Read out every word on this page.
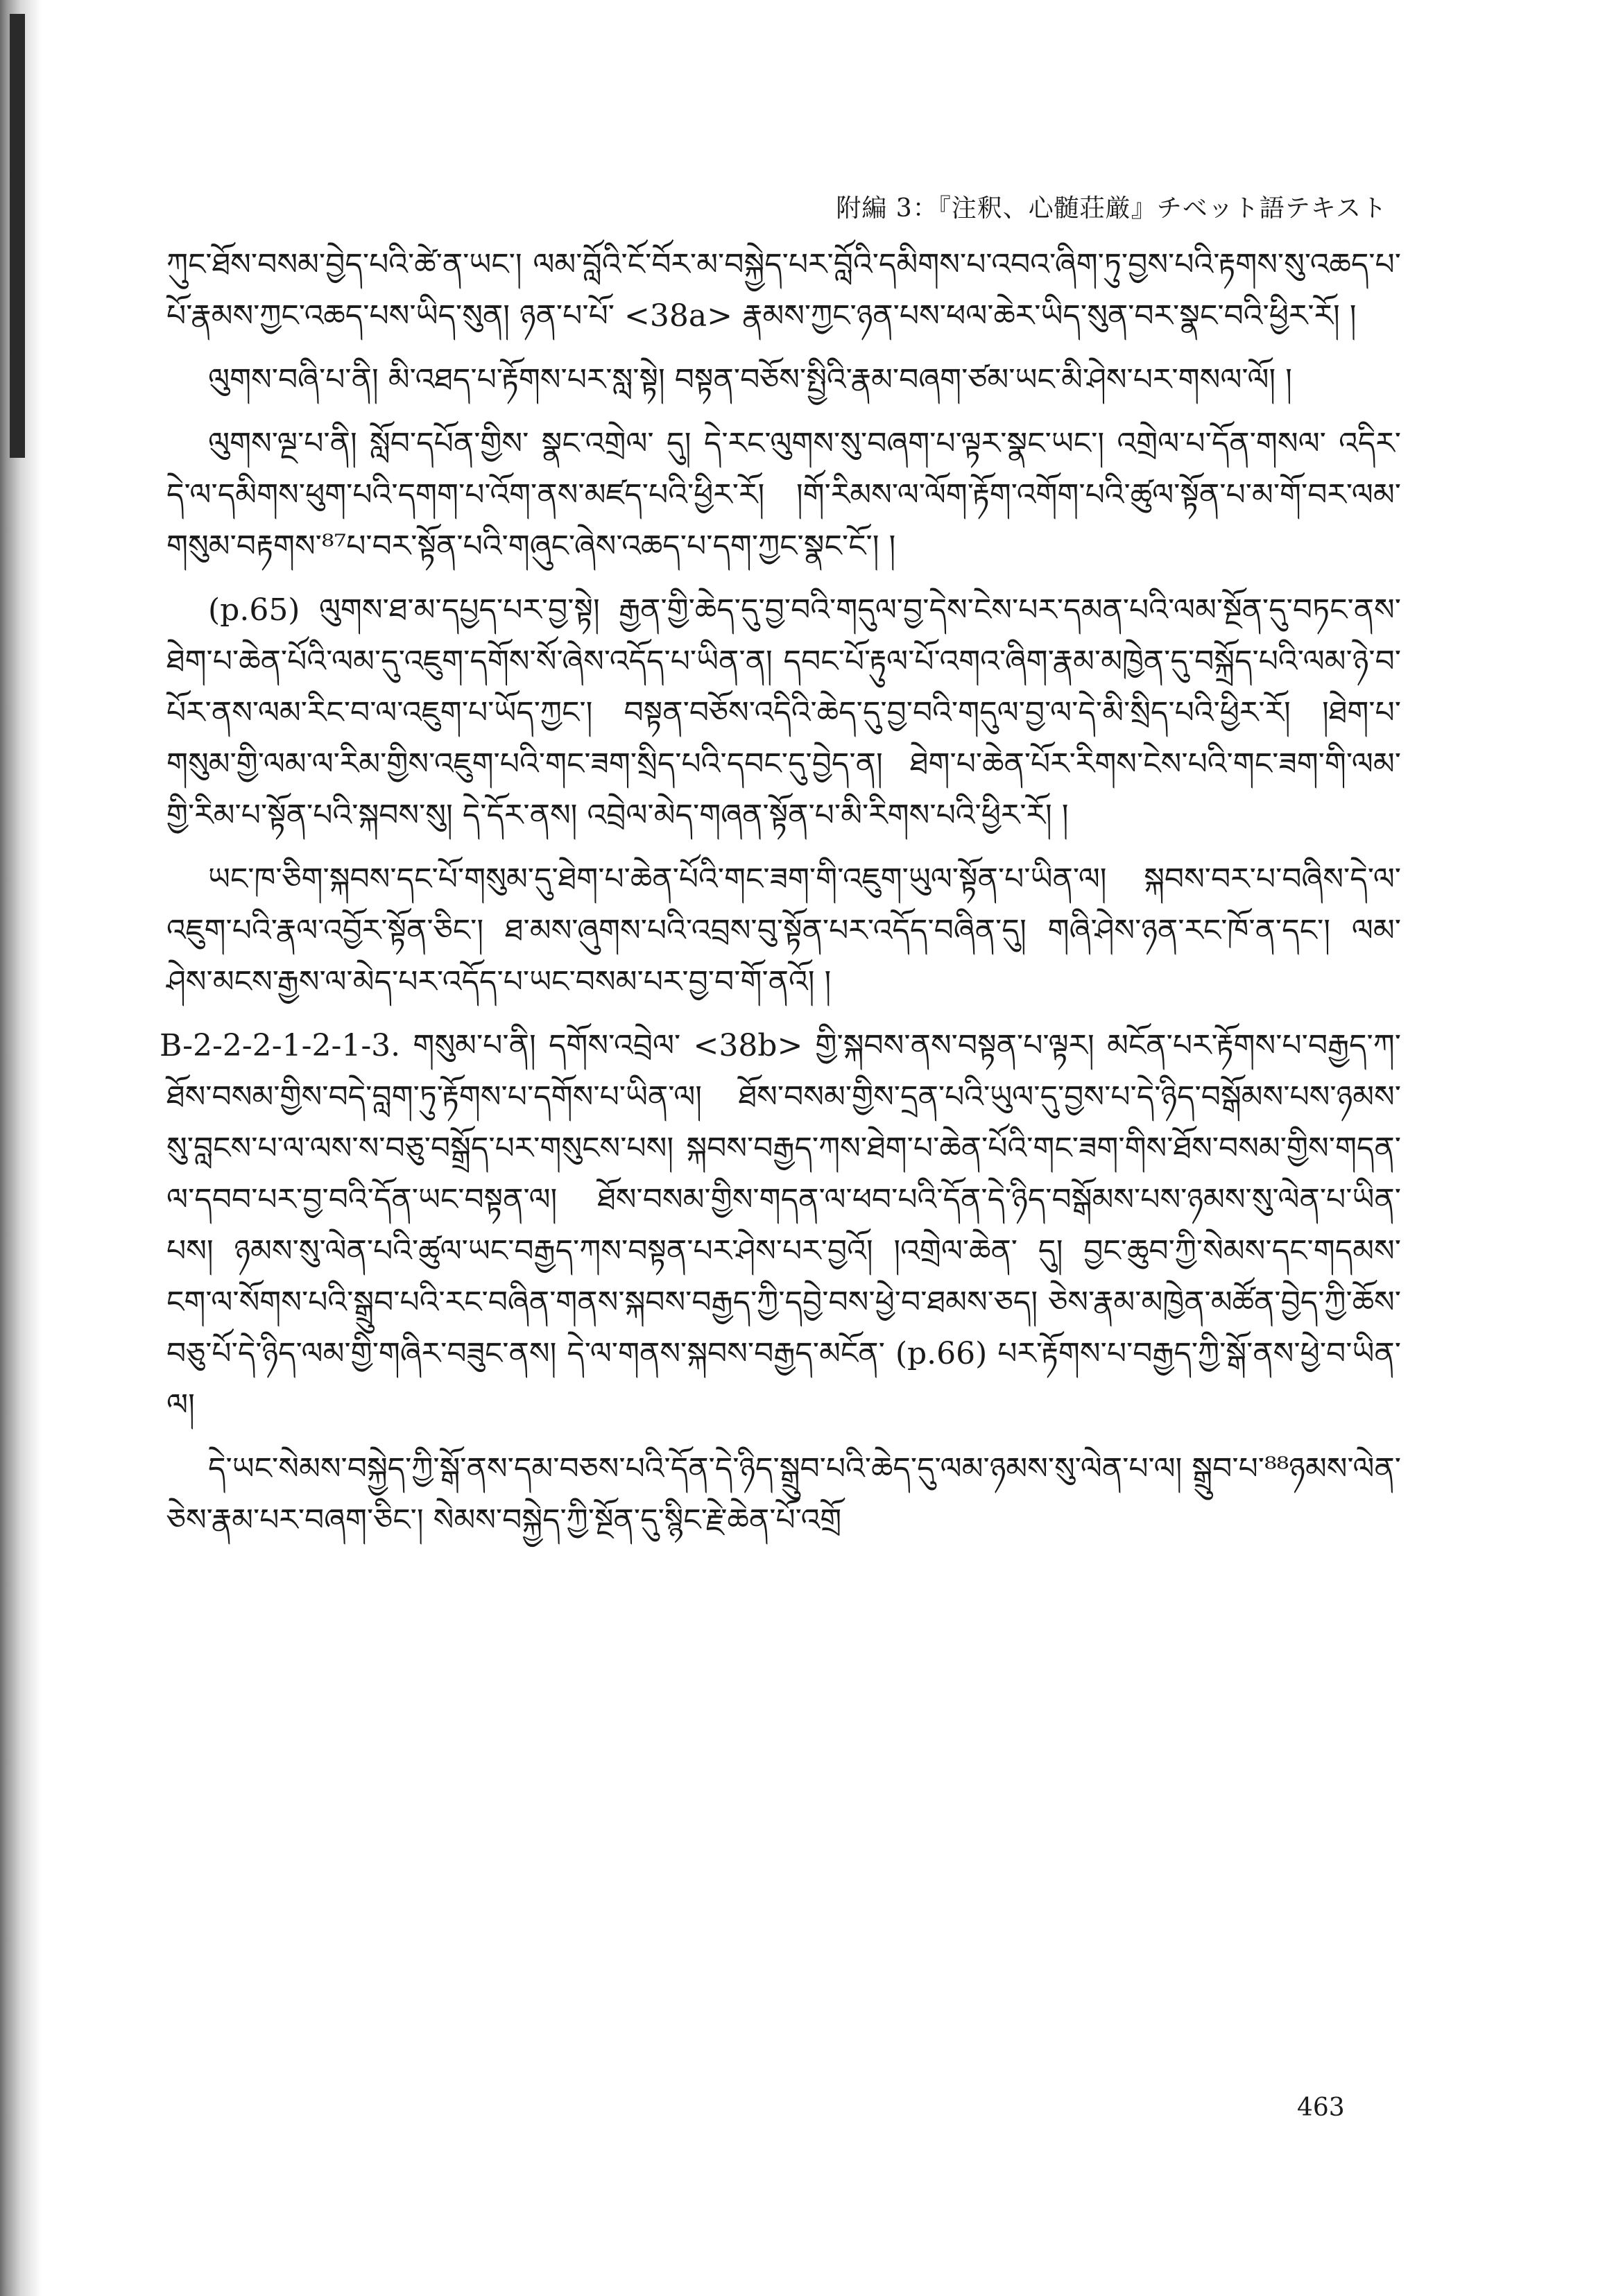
附編 3：『注釈、心髄荘厳』チベット語テキスト

ཀུང་ཐོས་བསམ་བྱེད་པའི་ཚེ་ན་ཡང་། ལམ་བློའི་ངོ་བོར་མ་བསྐྱེད་པར་བློའི་དམིགས་པ་འབའ་ཞིག་ཏུ་བྱས་པའི་རྟགས་སུ་འཆད་པ་པོ་རྣམས་ཀྱང་འཆད་པས་ཡིད་སུན། ཉན་པ་པོ་ <38a> རྣམས་ཀྱང་ཉན་པས་ཕལ་ཆེར་ཡིད་སུན་བར་སྣང་བའི་ཕྱིར་རོ། །

ལུགས་བཞི་པ་ནི། མི་འཐད་པ་རྟོགས་པར་སླ་སྟེ། བསྟན་བཅོས་སྤྱིའི་རྣམ་བཞག་ཙམ་ཡང་མི་ཤེས་པར་གསལ་ལོ། །

ལུགས་ལྔ་པ་ནི། སློབ་དཔོན་གྱིས་ སྣང་འགྲེལ་ དུ། དེ་རང་ལུགས་སུ་བཞག་པ་ལྟར་སྣང་ཡང་། འགྲེལ་པ་དོན་གསལ་ འདིར་དེ་ལ་དམིགས་ཕུག་པའི་དགག་པ་འོག་ནས་མཛད་པའི་ཕྱིར་རོ། །གོ་རིམས་ལ་ལོག་རྟོག་འགོག་པའི་ཚུལ་སྟོན་པ་མ་གོ་བར་ལམ་གསུམ་བརྟགས་⁸⁷པ་བར་སྟོན་པའི་གཞུང་ཞེས་འཆད་པ་དག་ཀྱང་སྣང་ངོ་། །

(p.65) ལུགས་ཐ་མ་དཔྱད་པར་བྱ་སྟེ། རྒྱན་གྱི་ཆེད་དུ་བྱ་བའི་གདུལ་བྱ་དེས་ངེས་པར་དམན་པའི་ལམ་སྔོན་དུ་བཏང་ནས་ཐེག་པ་ཆེན་པོའི་ལམ་དུ་འཇུག་དགོས་སོ་ཞེས་འདོད་པ་ཡིན་ན། དབང་པོ་རྟུལ་པོ་འགའ་ཞིག་རྣམ་མཁྱེན་དུ་བསྐྲོད་པའི་ལམ་ཉེ་བ་པོར་ནས་ལམ་རིང་བ་ལ་འཇུག་པ་ཡོད་ཀྱང་། བསྟན་བཅོས་འདིའི་ཆེད་དུ་བྱ་བའི་གདུལ་བྱ་ལ་དེ་མི་སྲིད་པའི་ཕྱིར་རོ། །ཐེག་པ་གསུམ་གྱི་ལམ་ལ་རིམ་གྱིས་འཇུག་པའི་གང་ཟག་སྲིད་པའི་དབང་དུ་བྱེད་ན། ཐེག་པ་ཆེན་པོར་རིགས་ངེས་པའི་གང་ཟག་གི་ལམ་གྱི་རིམ་པ་སྟོན་པའི་སྐབས་སུ། དེ་དོར་ནས། འབྲེལ་མེད་གཞན་སྟོན་པ་མི་རིགས་པའི་ཕྱིར་རོ། །

ཡང་ཁ་ཅིག་སྐབས་དང་པོ་གསུམ་དུ་ཐེག་པ་ཆེན་པོའི་གང་ཟག་གི་འཇུག་ཡུལ་སྟོན་པ་ཡིན་ལ། སྐབས་བར་པ་བཞིས་དེ་ལ་འཇུག་པའི་རྣལ་འབྱོར་སྟོན་ཅིང་། ཐ་མས་ཞུགས་པའི་འབྲས་བུ་སྟོན་པར་འདོད་བཞིན་དུ། གཞི་ཤེས་ཉན་རང་ཁོ་ན་དང་། ལམ་ཤེས་མངས་རྒྱས་ལ་མེད་པར་འདོད་པ་ཡང་བསམ་པར་བྱ་བ་གོ་ནའོ། །

B-2-2-2-1-2-1-3. གསུམ་པ་ནི། དགོས་འབྲེལ་ <38b> གྱི་སྐབས་ནས་བསྟན་པ་ལྟར། མངོན་པར་རྟོགས་པ་བརྒྱད་ཀ་ཐོས་བསམ་གྱིས་བདེ་བླག་ཏུ་རྟོགས་པ་དགོས་པ་ཡིན་ལ། ཐོས་བསམ་གྱིས་དྲན་པའི་ཡུལ་དུ་བྱས་པ་དེ་ཉིད་བསྒོམས་པས་ཉམས་སུ་བླངས་པ་ལ་ལས་ས་བཅུ་བསྒྲོད་པར་གསུངས་པས། སྐབས་བརྒྱད་ཀས་ཐེག་པ་ཆེན་པོའི་གང་ཟག་གིས་ཐོས་བསམ་གྱིས་གདན་ལ་དབབ་པར་བྱ་བའི་དོན་ཡང་བསྟན་ལ། ཐོས་བསམ་གྱིས་གདན་ལ་ཕབ་པའི་དོན་དེ་ཉིད་བསྒོམས་པས་ཉམས་སུ་ལེན་པ་ཡིན་པས། ཉམས་སུ་ལེན་པའི་ཚུལ་ཡང་བརྒྱད་ཀས་བསྟན་པར་ཤེས་པར་བྱའོ། །འགྲེལ་ཆེན་ དུ། བྱང་ཆུབ་ཀྱི་སེམས་དང་གདམས་ངག་ལ་སོགས་པའི་སྒྲུབ་པའི་རང་བཞིན་གནས་སྐབས་བརྒྱད་ཀྱི་དབྱེ་བས་ཕྱེ་བ་ཐམས་ཅད། ཅེས་རྣམ་མཁྱེན་མཚོན་བྱེད་ཀྱི་ཆོས་བཅུ་པོ་དེ་ཉིད་ལམ་གྱི་གཞིར་བཟུང་ནས། དེ་ལ་གནས་སྐབས་བརྒྱད་མངོན་ (p.66) པར་རྟོགས་པ་བརྒྱད་ཀྱི་སྒོ་ནས་ཕྱེ་བ་ཡིན་ལ།

དེ་ཡང་སེམས་བསྐྱེད་ཀྱི་སྒོ་ནས་དམ་བཅས་པའི་དོན་དེ་ཉིད་སྒྲུབ་པའི་ཆེད་དུ་ལམ་ཉམས་སུ་ལེན་པ་ལ། སྒྲུབ་པ་⁸⁸ཉམས་ལེན་ཅེས་རྣམ་པར་བཞག་ཅིང་། སེམས་བསྐྱེད་ཀྱི་སྔོན་དུ་སྙིང་རྗེ་ཆེན་པོ་འགྲོ

463
